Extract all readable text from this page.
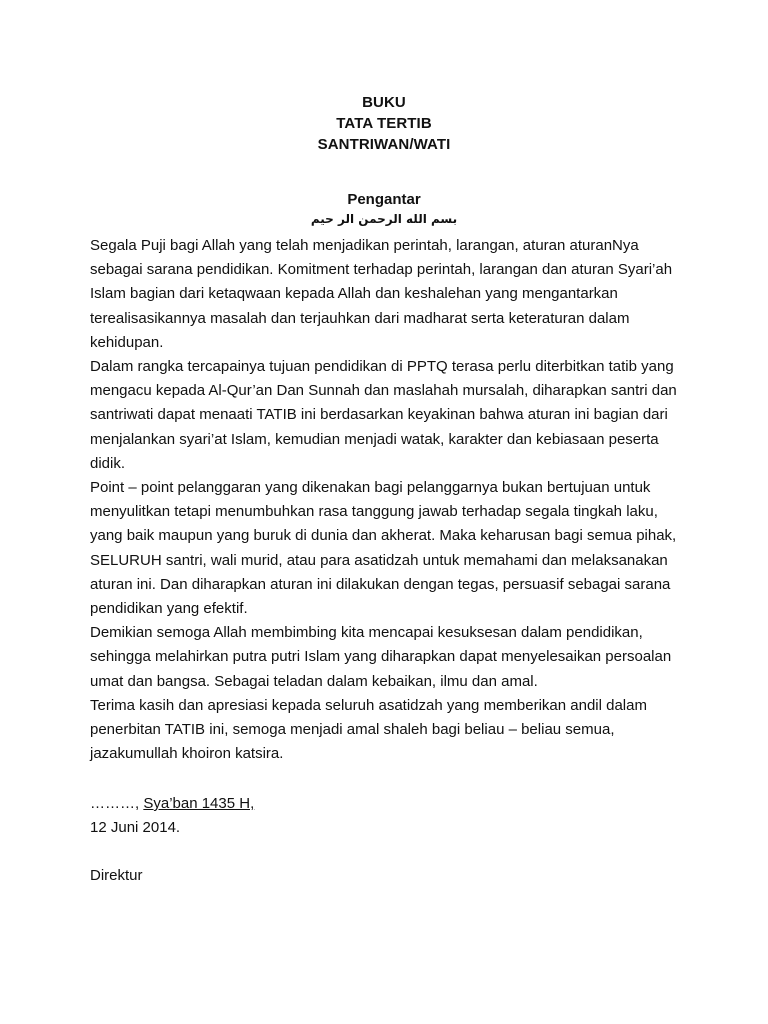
BUKU
TATA TERTIB
SANTRIWAN/WATI
Pengantar
بسم الله الرحمن الر حيم

Segala Puji bagi Allah yang telah menjadikan perintah, larangan, aturan aturanNya
sebagai sarana pendidikan. Komitment terhadap perintah, larangan dan aturan Syari’ah
Islam bagian dari ketaqwaan kepada Allah dan keshalehan yang mengantarkan
terealisasikannya masalah dan terjauhkan dari madharat serta keteraturan dalam
kehidupan.

Dalam rangka tercapainya tujuan pendidikan di PPTQ terasa perlu diterbitkan tatib yang
mengacu kepada Al-Qur’an Dan Sunnah dan maslahah mursalah, diharapkan santri dan
santriwati dapat menaati TATIB ini berdasarkan keyakinan bahwa aturan ini bagian dari
menjalankan syari’at Islam, kemudian menjadi watak, karakter dan kebiasaan peserta
didik.

Point – point pelanggaran yang dikenakan bagi pelanggarnya bukan bertujuan untuk
menyulitkan tetapi menumbuhkan rasa tanggung jawab terhadap segala tingkah laku,
yang baik maupun yang buruk di dunia dan akherat. Maka keharusan bagi semua pihak,
SELURUH santri, wali murid, atau para asatidzah untuk memahami dan melaksanakan
aturan ini. Dan diharapkan aturan ini dilakukan dengan tegas, persuasif sebagai sarana
pendidikan yang efektif.

Demikian semoga Allah membimbing kita mencapai kesuksesan dalam pendidikan,
sehingga melahirkan putra putri Islam yang diharapkan dapat menyelesaikan persoalan
umat dan bangsa. Sebagai teladan dalam kebaikan, ilmu dan amal.

Terima kasih dan apresiasi kepada seluruh asatidzah yang memberikan andil dalam
penerbitan TATIB ini, semoga menjadi amal shaleh bagi beliau – beliau semua,
jazakumullah khoiron katsira.

………, Sya’ban 1435 H,
12 Juni 2014.
Direktur
